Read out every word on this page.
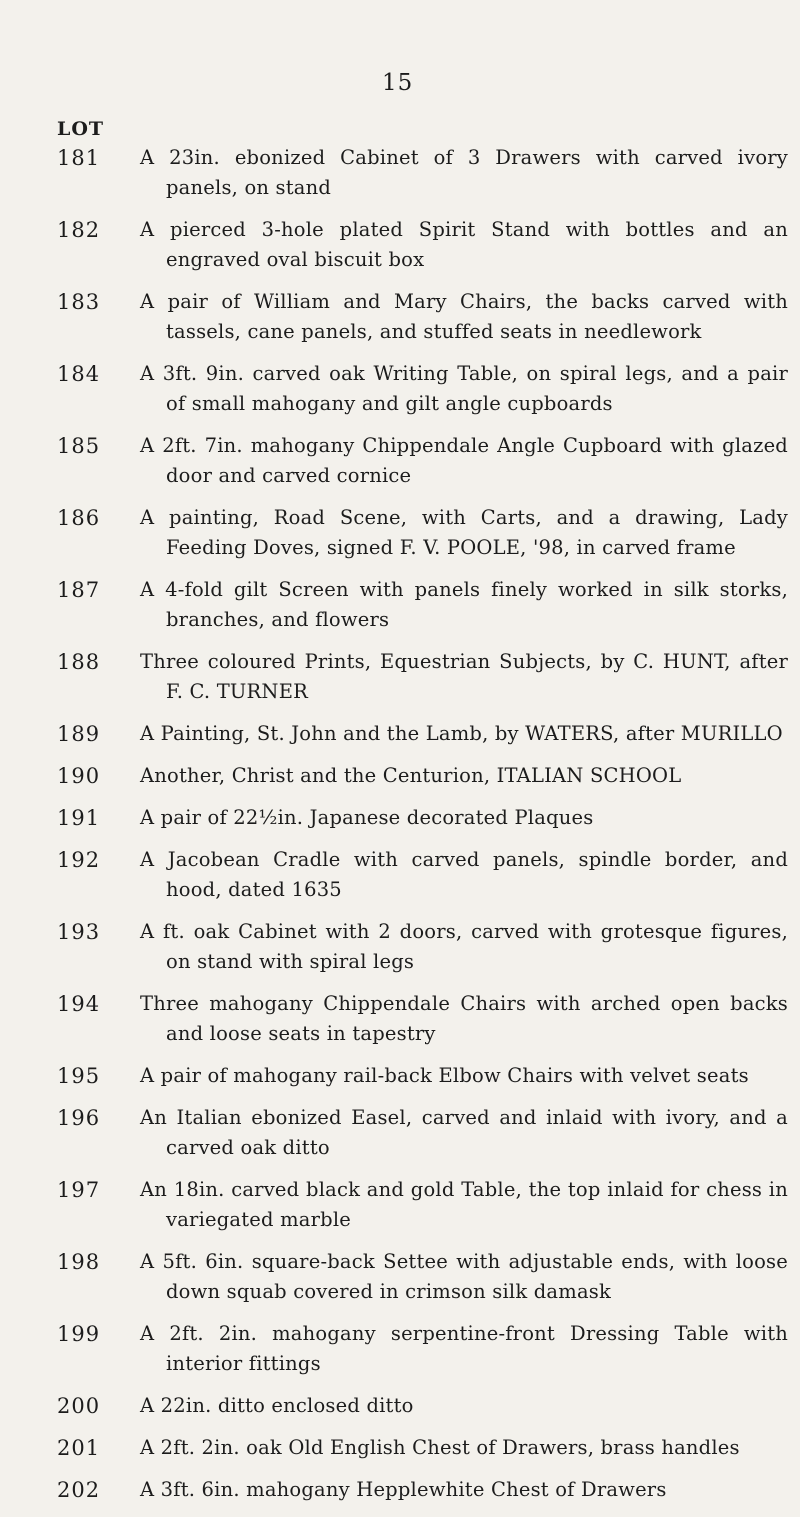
15
LOT
181 A 23in. ebonized Cabinet of 3 Drawers with carved ivory panels, on stand
182 A pierced 3-hole plated Spirit Stand with bottles and an engraved oval biscuit box
183 A pair of William and Mary Chairs, the backs carved with tassels, cane panels, and stuffed seats in needlework
184 A 3ft. 9in. carved oak Writing Table, on spiral legs, and a pair of small mahogany and gilt angle cupboards
185 A 2ft. 7in. mahogany Chippendale Angle Cupboard with glazed door and carved cornice
186 A painting, Road Scene, with Carts, and a drawing, Lady Feeding Doves, signed F. V. POOLE, '98, in carved frame
187 A 4-fold gilt Screen with panels finely worked in silk storks, branches, and flowers
188 Three coloured Prints, Equestrian Subjects, by C. HUNT, after F. C. TURNER
189 A Painting, St. John and the Lamb, by WATERS, after MURILLO
190 Another, Christ and the Centurion, ITALIAN SCHOOL
191 A pair of 22½in. Japanese decorated Plaques
192 A Jacobean Cradle with carved panels, spindle border, and hood, dated 1635
193 A ft. oak Cabinet with 2 doors, carved with grotesque figures, on stand with spiral legs
194 Three mahogany Chippendale Chairs with arched open backs and loose seats in tapestry
195 A pair of mahogany rail-back Elbow Chairs with velvet seats
196 An Italian ebonized Easel, carved and inlaid with ivory, and a carved oak ditto
197 An 18in. carved black and gold Table, the top inlaid for chess in variegated marble
198 A 5ft. 6in. square-back Settee with adjustable ends, with loose down squab covered in crimson silk damask
199 A 2ft. 2in. mahogany serpentine-front Dressing Table with interior fittings
200 A 22in. ditto enclosed ditto
201 A 2ft. 2in. oak Old English Chest of Drawers, brass handles
202 A 3ft. 6in. mahogany Hepplewhite Chest of Drawers
